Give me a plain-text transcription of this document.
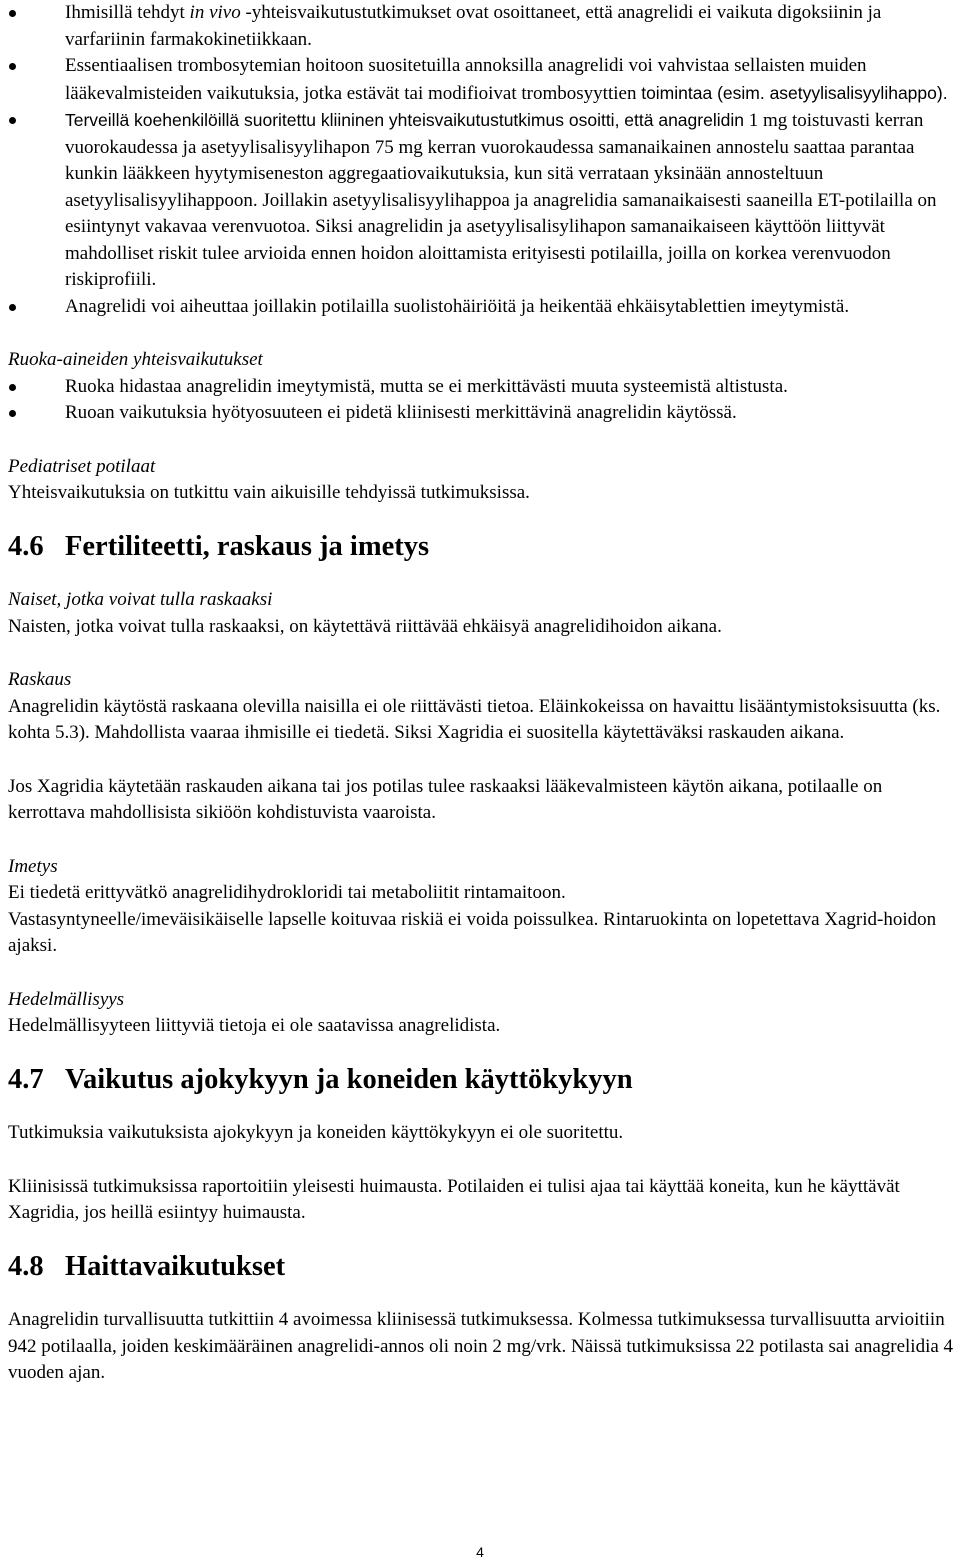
Ihmisillä tehdyt in vivo -yhteisvaikutustutkimukset ovat osoittaneet, että anagrelidi ei vaikuta digoksiinin ja varfariinin farmakokinetiikkaan.
Essentiaalisen trombosytemian hoitoon suositetuilla annoksilla anagrelidi voi vahvistaa sellaisten muiden lääkevalmisteiden vaikutuksia, jotka estävät tai modifioivat trombosyyttien toimintaa (esim. asetyylisalisyylihappo).
Terveillä koehenkilöillä suoritettu kliininen yhteisvaikutustutkimus osoitti, että anagrelidin 1 mg toistuvasti kerran vuorokaudessa ja asetyylisalisyylihapon 75 mg kerran vuorokaudessa samanaikainen annostelu saattaa parantaa kunkin lääkkeen hyytymiseneston aggregaatiovaikutuksia, kun sitä verrataan yksinään annosteltuun asetyylisalisyylihappoon. Joillakin asetyylisalisyylihappoa ja anagrelidia samanaikaisesti saaneilla ET-potilailla on esiintynyt vakavaa verenvuotoa. Siksi anagrelidin ja asetyylisalisylihapon samanaikaiseen käyttöön liittyvät mahdolliset riskit tulee arvioida ennen hoidon aloittamista erityisesti potilailla, joilla on korkea verenvuodon riskiprofiili.
Anagrelidi voi aiheuttaa joillakin potilailla suolistohäiriöitä ja heikentää ehkäisytablettien imeytymistä.

Ruoka-aineiden yhteisvaikutukset

Ruoka hidastaa anagrelidin imeytymistä, mutta se ei merkittävästi muuta systeemistä altistusta.
Ruoan vaikutuksia hyötyosuuteen ei pidetä kliinisesti merkittävinä anagrelidin käytössä.

Pediatriset potilaat

Yhteisvaikutuksia on tutkittu vain aikuisille tehdyissä tutkimuksissa.

4.6 Fertiliteetti, raskaus ja imetys

Naiset, jotka voivat tulla raskaaksi

Naisten, jotka voivat tulla raskaaksi, on käytettävä riittävää ehkäisyä anagrelidihoidon aikana.

Raskaus

Anagrelidin käytöstä raskaana olevilla naisilla ei ole riittävästi tietoa. Eläinkokeissa on havaittu lisääntymistoksisuutta (ks. kohta 5.3). Mahdollista vaaraa ihmisille ei tiedetä. Siksi Xagridia ei suositella käytettäväksi raskauden aikana.

Jos Xagridia käytetään raskauden aikana tai jos potilas tulee raskaaksi lääkevalmisteen käytön aikana, potilaalle on kerrottava mahdollisista sikiöön kohdistuvista vaaroista.

Imetys

Ei tiedetä erittyvätkö anagrelidihydrokloridi tai metaboliitit rintamaitoon.

Vastasyntyneelle/imeväisikäiselle lapselle koituvaa riskiä ei voida poissulkea. Rintaruokinta on lopetettava Xagrid-hoidon ajaksi.

Hedelmällisyys

Hedelmällisyyteen liittyviä tietoja ei ole saatavissa anagrelidista.

4.7 Vaikutus ajokykyyn ja koneiden käyttökykyyn

Tutkimuksia vaikutuksista ajokykyyn ja koneiden käyttökykyyn ei ole suoritettu.

Kliinisissä tutkimuksissa raportoitiin yleisesti huimausta. Potilaiden ei tulisi ajaa tai käyttää koneita, kun he käyttävät Xagridia, jos heillä esiintyy huimausta.

4.8 Haittavaikutukset

Anagrelidin turvallisuutta tutkittiin 4 avoimessa kliinisessä tutkimuksessa. Kolmessa tutkimuksessa turvallisuutta arvioitiin 942 potilaalla, joiden keskimääräinen anagrelidi-annos oli noin 2 mg/vrk. Näissä tutkimuksissa 22 potilasta sai anagrelidia 4 vuoden ajan.

4
